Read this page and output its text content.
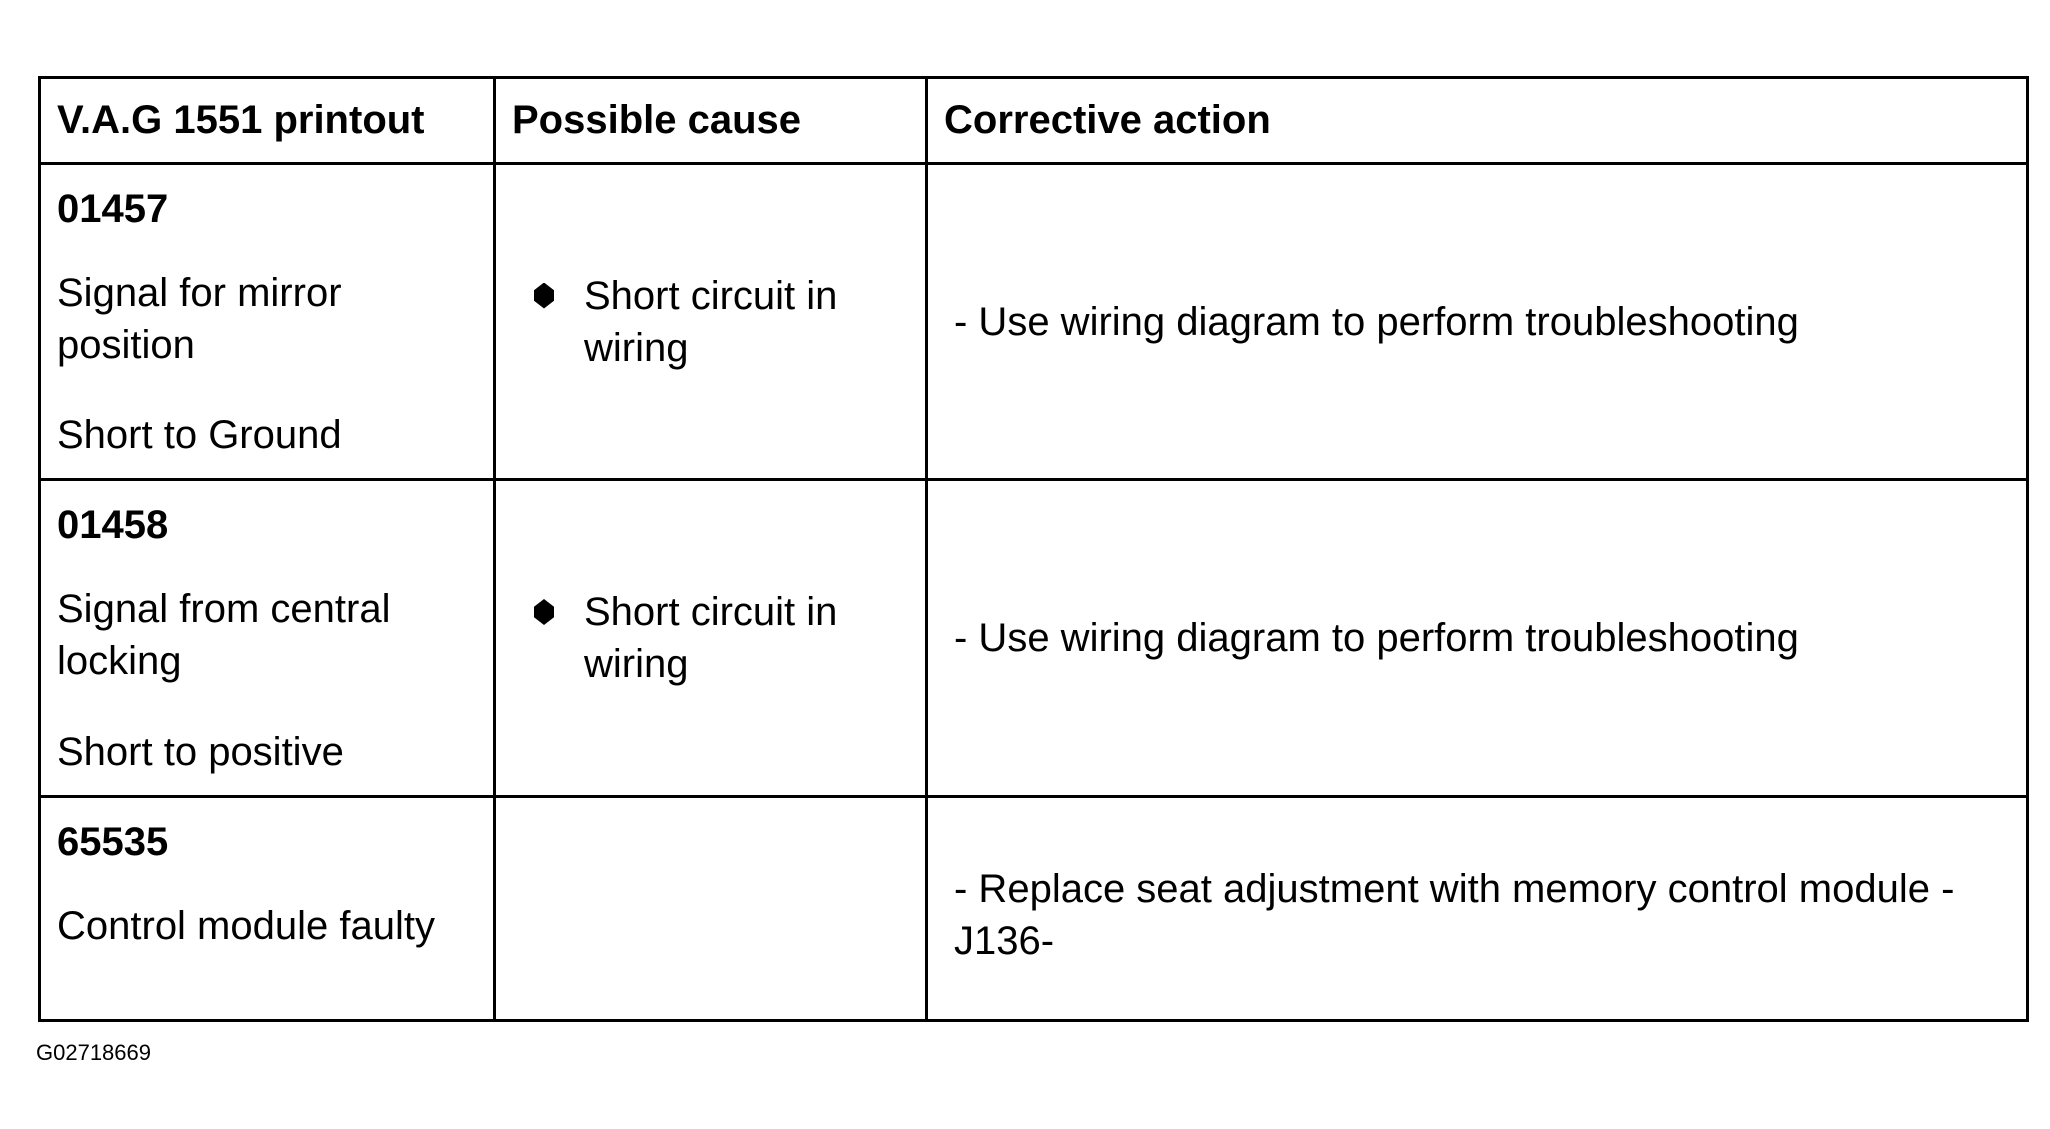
V.A.G 1551 printout	Possible cause	Corrective action

01457
Signal for mirror position
Short to Ground	Short circuit in wiring	- Use wiring diagram to perform troubleshooting

01458
Signal from central locking
Short to positive	Short circuit in wiring	- Use wiring diagram to perform troubleshooting

65535
Control module faulty		- Replace seat adjustment with memory control module -J136-
G02718669
